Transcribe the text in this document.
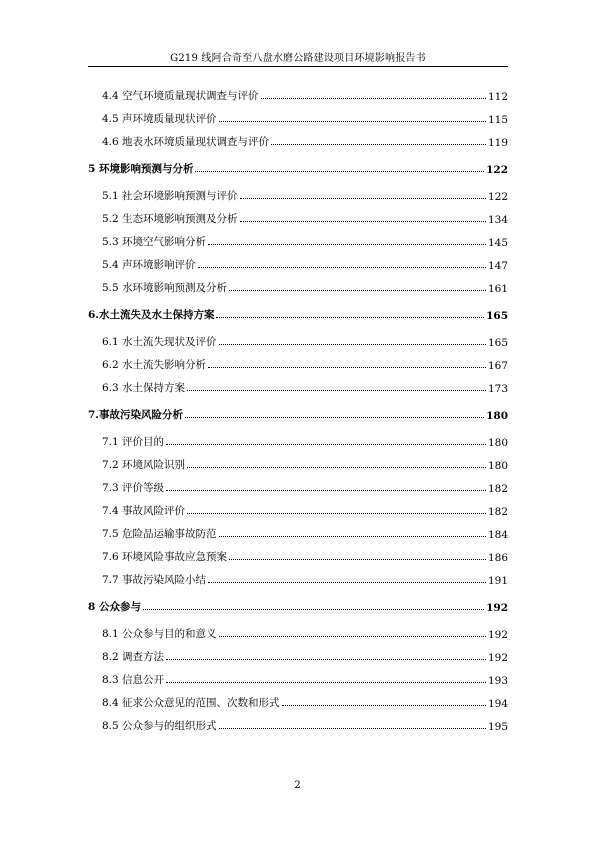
G219 线阿合奇至八盘水磨公路建设项目环境影响报告书
4.4 空气环境质量现状调查与评价	112
4.5 声环境质量现状评价	115
4.6 地表水环境质量现状调查与评价	119
5 环境影响预测与分析	122
5.1 社会环境影响预测与评价	122
5.2 生态环境影响预测及分析	134
5.3 环境空气影响分析	145
5.4 声环境影响评价	147
5.5 水环境影响预测及分析	161
6.水土流失及水土保持方案	165
6.1 水土流失现状及评价	165
6.2 水土流失影响分析	167
6.3 水土保持方案	173
7.事故污染风险分析	180
7.1 评价目的	180
7.2 环境风险识别	180
7.3 评价等级	182
7.4 事故风险评价	182
7.5 危险品运输事故防范	184
7.6 环境风险事故应急预案	186
7.7 事故污染风险小结	191
8 公众参与	192
8.1 公众参与目的和意义	192
8.2 调查方法	192
8.3 信息公开	193
8.4 征求公众意见的范围、次数和形式	194
8.5 公众参与的组织形式	195
2
